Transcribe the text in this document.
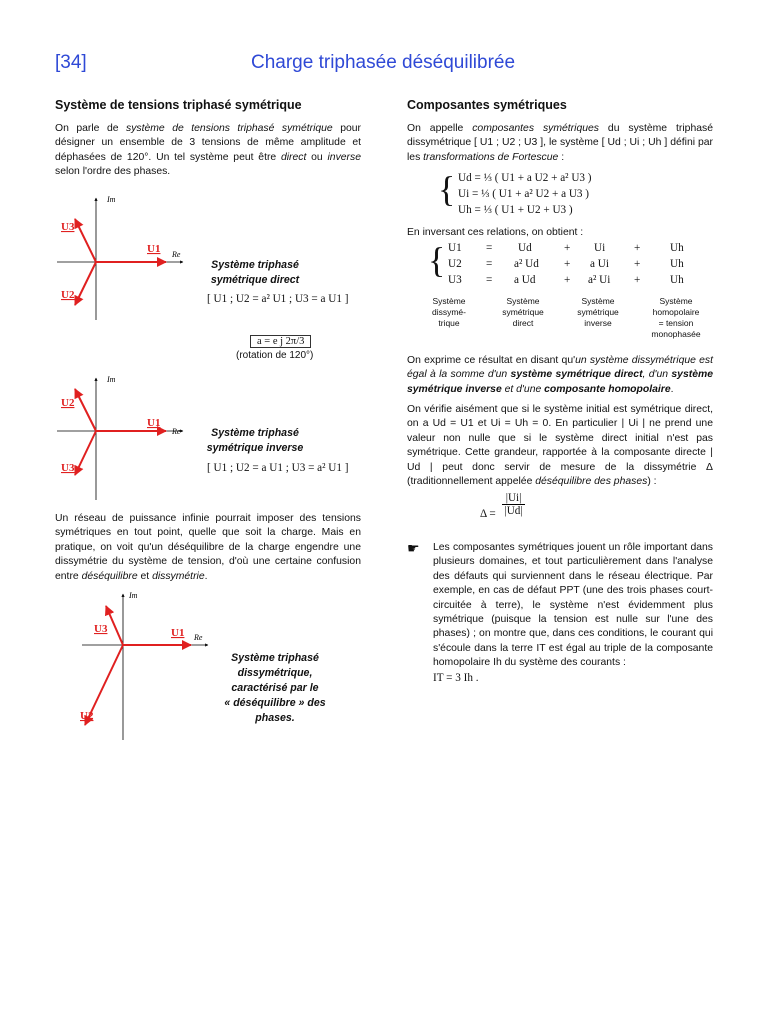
[34]	Charge triphasée déséquilibrée
Système de tensions triphasé symétrique
On parle de système de tensions triphasé symétrique pour désigner un ensemble de 3 tensions de même amplitude et déphasées de 120°. Un tel système peut être direct ou inverse selon l'ordre des phases.
Im
Re
U3
U1
U2
Système triphasé
symétrique direct
[ U1 ; U2 = a² U1 ; U3 = a U1 ]
a = e j 2π/3
(rotation de 120°)
Im
Re
U2
U1
U3
Système triphasé
symétrique inverse
[ U1 ; U2 = a U1 ; U3 = a² U1 ]
Un réseau de puissance infinie pourrait imposer des tensions symétriques en tout point, quelle que soit la charge. Mais en pratique, on voit qu'un déséquilibre de la charge engendre une dissymétrie du système de tension, d'où une certaine confusion entre déséquilibre et dissymétrie.
Im
Re
U3	U1
U2
Système triphasé
dissymétrique,
caractérisé par le
« déséquilibre » des
phases.
Composantes symétriques
On appelle composantes symétriques du système triphasé dissymétrique [ U1 ; U2 ; U3 ], le système [ Ud ; Ui ; Uh ] défini par les transformations de Fortescue :
{ Ud = ⅓ ( U1 + a U2 + a² U3 )
Ui = ⅓ ( U1 + a² U2 + a U3 )
Uh = ⅓ ( U1 + U2 + U3 )
En inversant ces relations, on obtient :
{ U1 = Ud	+ Ui	+	Uh
U2 = a² Ud + a Ui +	Uh
U3 = a Ud	+ a² Ui +	Uh
Système
dissymé-
trique
Système
symétrique
direct
Système
symétrique
inverse
Système
homopolaire
= tension
monophasée
On exprime ce résultat en disant qu'un système dissymétrique est égal à la somme d'un système symétrique direct, d'un système symétrique inverse et d'une composante homopolaire.
On vérifie aisément que si le système initial est symétrique direct, on a Ud = U1 et Ui = Uh = 0. En particulier | Ui | ne prend une valeur non nulle que si le système direct initial n'est pas symétrique. Cette grandeur, rapportée à la composante directe | Ud | peut donc servir de mesure de la dissymétrie Δ (traditionnellement appelée déséquilibre des phases) :
$\Delta = \frac{|Ui|}{|Ud|}$
☛ Les composantes symétriques jouent un rôle important dans plusieurs domaines, et tout particulièrement dans l'analyse des défauts qui surviennent dans le réseau électrique. Par exemple, en cas de défaut PPT (une des trois phases court-circuitée à terre), le système n'est évidemment plus symétrique (puisque la tension est nulle sur l'une des phases) ; on montre que, dans ces conditions, le courant qui s'écoule dans la terre IT est égal au triple de la composante homopolaire Ih du système des courants :
IT = 3 Ih .
